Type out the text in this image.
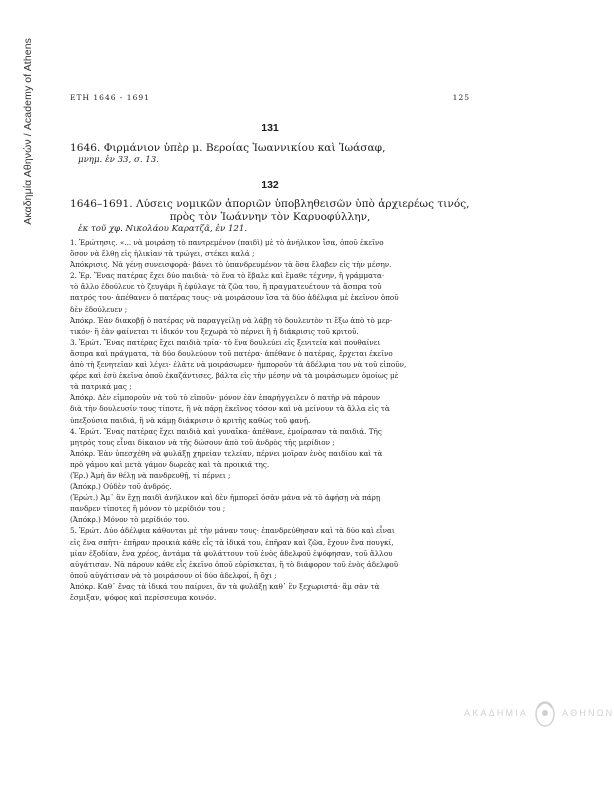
Ακαδημία Αθηνών / Academy of Athens	ΕΤΗ 1646 - 1691	125
131
1646. Φιρμάνιον ὑπὲρ μ. Βεροίας Ἰωαννικίου καὶ Ἰωάσαφ,
μνημ. ἐν 33, σ. 13.
132
1646–1691. Λύσεις νομικῶν ἀποριῶν ὑποβληθεισῶν ὑπὸ ἀρχιερέως τινός,
πρὸς τὸν Ἰωάννην τὸν Καρυοφύλλην,
ἐκ τοῦ χφ. Νικολάου Καρατζᾶ, ἐν 121.
1. Ἐρώτησις. «... νὰ μοιράσῃ τὸ παντρεμένον (παιδὶ) μὲ τὸ ἀνήλικον ἴσα, ὁποῦ ἐκεῖνο
ὅσον νὰ ἔλθῃ εἰς ἡλικίαν τὰ τρώγει, στέκει καλά ;
Ἀπόκρισις. Νὰ γένῃ συνεισφορὰ· βάνει τὸ ὑπανδρευμένον τὰ ὅσα ἔλαβεν εἰς τὴν μέσην.
2. Ἐρ. Ἕνας πατέρας ἔχει δύο παιδιὰ· τὸ ἕνα τὸ ἔβαλε καὶ ἔμαθε τέχνην, ἢ γράμματα·
τὸ ἄλλο ἐδούλευε τὸ ζευγάρι ἢ ἐφύλαγε τὰ ζῶα του, ἢ πραγματευέτουν τὰ ἄσπρα τοῦ
πατρός του· ἀπέθανεν ὁ πατέρας τους· νὰ μοιράσουν ἴσα τὰ δύο ἀδέλφια μὲ ἐκεῖνον ὁποῦ
δὲν ἐδούλευεν ;
Ἀπόκρ. Ἐὰν διακοβῇ ὁ πατέρας νὰ παραγγείλῃ νὰ λάβῃ τὸ δουλευτὸν τι ἔξω ἀπὸ τὸ μερ-
τικόν· ἢ ἐὰν φαίνεται τι ἰδικόν του ξεχωρὰ τὸ πέρνει ἢ ἡ διάκρισις τοῦ κριτοῦ.
3. Ἐρώτ. Ἕνας πατέρας ἔχει παιδιὰ τρία· τὸ ἕνα δουλεύει εἰς ξενιτεία καὶ πουθαίνει
ἄσπρα καὶ πράγματα, τὰ δύο δουλεύουν τοῦ πατέρα· ἀπέθανε ὁ πατέρας, ἔρχεται ἐκεῖνο
ἀπὸ τὴ ξενητεῖαν καὶ λέγει· ἐλᾶτε νὰ μοιράσωμεν· ἠμποροῦν τὰ ἀδέλφια του νὰ τοῦ εἰποῦν,
φέρε καὶ ἐσὺ ἐκεῖνα ὁποῦ ἐκαζάντισες, βάλτα εἰς τὴν μέσην νὰ τὰ μοιράσωμεν ὁμοίως μὲ
τὰ πατρικά μας ;
Ἀπόκρ. Δὲν εἰμποροῦν νὰ τοῦ τὸ εἰποῦν· μόνον ἐὰν ἐπαρήγγειλεν ὁ πατὴρ νὰ πάρουν
διὰ τὴν δουλευσίν τους τίποτε, ἢ νὰ πάρῃ ἐκεῖνος τόσον καὶ νὰ μείνουν τὰ ἄλλα εἰς τὰ
ὑπεξούσια παιδιά, ἢ νὰ κάμῃ διάκρισιν ὁ κριτὴς καθὼς τοῦ φανῇ.
4. Ἐρώτ. Ἕνας πατέρας ἔχει παιδιὰ καὶ γυναῖκα· ἀπέθανε, ἐμοίρασαν τὰ παιδιά. Τῆς
μητρός τους εἶναι δίκαιον νὰ τῆς δώσουν ἀπὸ τοῦ ἀνδρὸς τῆς μερίδιον ;
Ἀπόκρ. Ἐὰν ὑπεσχέθη νὰ φυλάξῃ χηρείαν τελείαν, πέρνει μοῖραν ἑνὸς παιδίου καὶ τὰ
πρὸ γάμου καὶ μετὰ γάμον δωρεὰς καὶ τὰ προικιά της.
(Ἐρ.) Ἀμὴ ἂν θέλῃ νὰ πανδρευθῇ, τί πέρνει ;
(Ἀπόκρ.) Οὐδὲν τοῦ ἀνδρός.
(Ἐρώτ.) Ἀμ᾽ ἂν ἔχῃ παιδὶ ἀνήλικον καὶ δὲν ἠμπορεῖ ὁσὰν μάνα νὰ τὸ ἀφήσῃ νὰ πάρῃ
πανδρεν τίποτες ἢ μόνον τὸ μερίδιόν του ;
(Ἀπόκρ.) Μόνον τὸ μερίδιόν του.
5. Ἐρώτ. Δύο ἀδέλφια κάθονται μὲ τὴν μάναν τους· ἐπανδρεύθησαν καὶ τὰ δύο καὶ εἶναι
εἰς ἕνα σπῆτι· ἐπῆραν προικιὰ κάθε εἷς τὰ ἰδικά του, ἐπῆραν καὶ ζῶα, ἔχουν ἕνα πουγκί,
μίαν ἐξοδίαν, ἕνα χρέος, ἀντάμα τὰ φυλάττουν τοῦ ἑνὸς ἀδελφοῦ ἐψόφησαν, τοῦ ἄλλου
αὐγάτισαν. Νὰ πάρουν κάθε εἷς ἐκεῖνο ὁποῦ εὑρίσκεται, ἢ τὸ διάφορον τοῦ ἑνὸς ἀδελφοῦ
ὁποῦ αὐγάτισαν νὰ τὸ μοιράσουν οἱ δύο ἀδελφοί, ἢ ὄχι ;
Ἀπόκρ. Καθ᾽ ἕνας τὰ ἰδικά του παίρνει, ἂν τὰ φυλάξῃ καθ᾽ ἓν ξεχωριστά· ἂμ σὰν τὰ
ἔσμιξαν, ψόφος καὶ περίσσευμα κοινόν.
ΑΚΑΔΗΜΙΑ	ΑΘΗΝΩΝ
